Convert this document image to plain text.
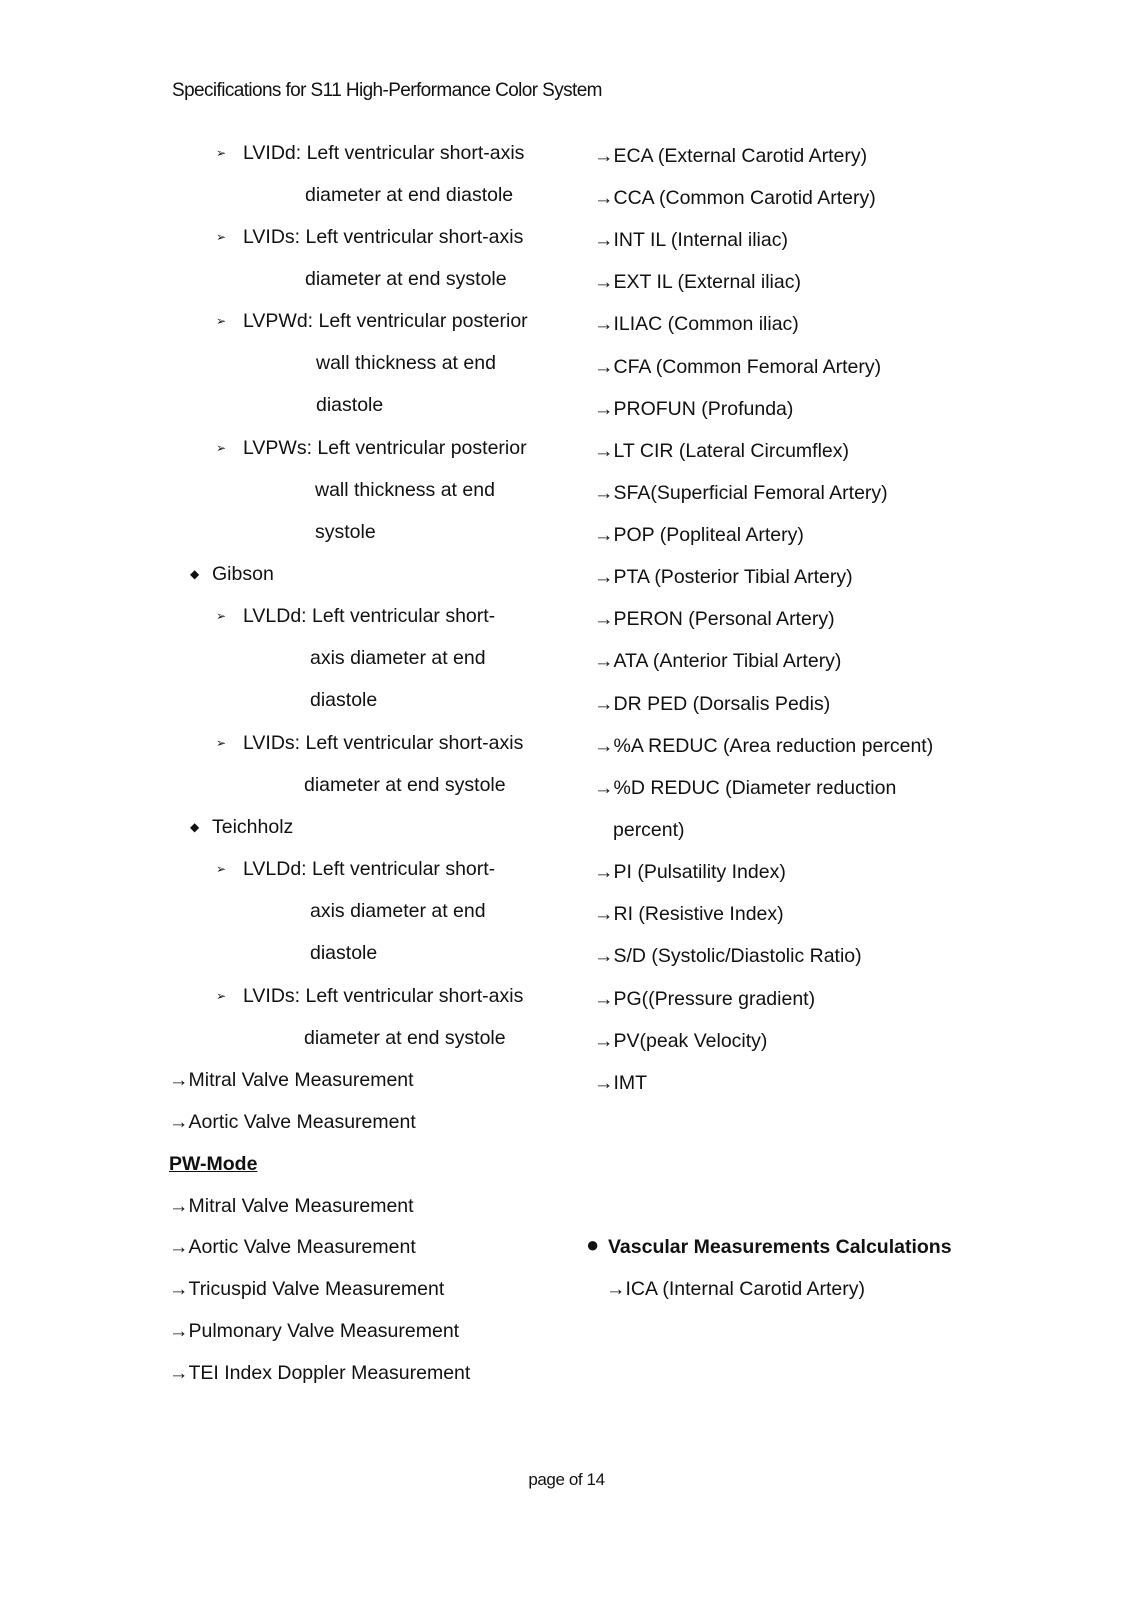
Specifications for S11 High-Performance Color System
➢ LVIDd: Left ventricular short-axis
diameter at end diastole
➢ LVIDs: Left ventricular short-axis
diameter at end systole
➢ LVPWd: Left ventricular posterior
wall thickness at end
diastole
➢ LVPWs: Left ventricular posterior
wall thickness at end
systole
◆ Gibson
➢ LVLDd: Left ventricular short-
axis diameter at end
diastole
➢ LVIDs: Left ventricular short-axis
diameter at end systole
◆ Teichholz
➢ LVLDd: Left ventricular short-
axis diameter at end
diastole
➢ LVIDs: Left ventricular short-axis
diameter at end systole
→Mitral Valve Measurement
→Aortic Valve Measurement
PW-Mode
→Mitral Valve Measurement
→Aortic Valve Measurement
→Tricuspid Valve Measurement
→Pulmonary Valve Measurement
→TEI Index Doppler Measurement
→ECA (External Carotid Artery)
→CCA (Common Carotid Artery)
→INT IL (Internal iliac)
→EXT IL (External iliac)
→ILIAC (Common iliac)
→CFA (Common Femoral Artery)
→PROFUN (Profunda)
→LT CIR (Lateral Circumflex)
→SFA(Superficial Femoral Artery)
→POP (Popliteal Artery)
→PTA (Posterior Tibial Artery)
→PERON (Personal Artery)
→ATA (Anterior Tibial Artery)
→DR PED (Dorsalis Pedis)
→%A REDUC (Area reduction percent)
→%D REDUC (Diameter reduction
percent)
→PI (Pulsatility Index)
→RI (Resistive Index)
→S/D (Systolic/Diastolic Ratio)
→PG((Pressure gradient)
→PV(peak Velocity)
→IMT
● Vascular Measurements Calculations
→ICA (Internal Carotid Artery)
page of 14
